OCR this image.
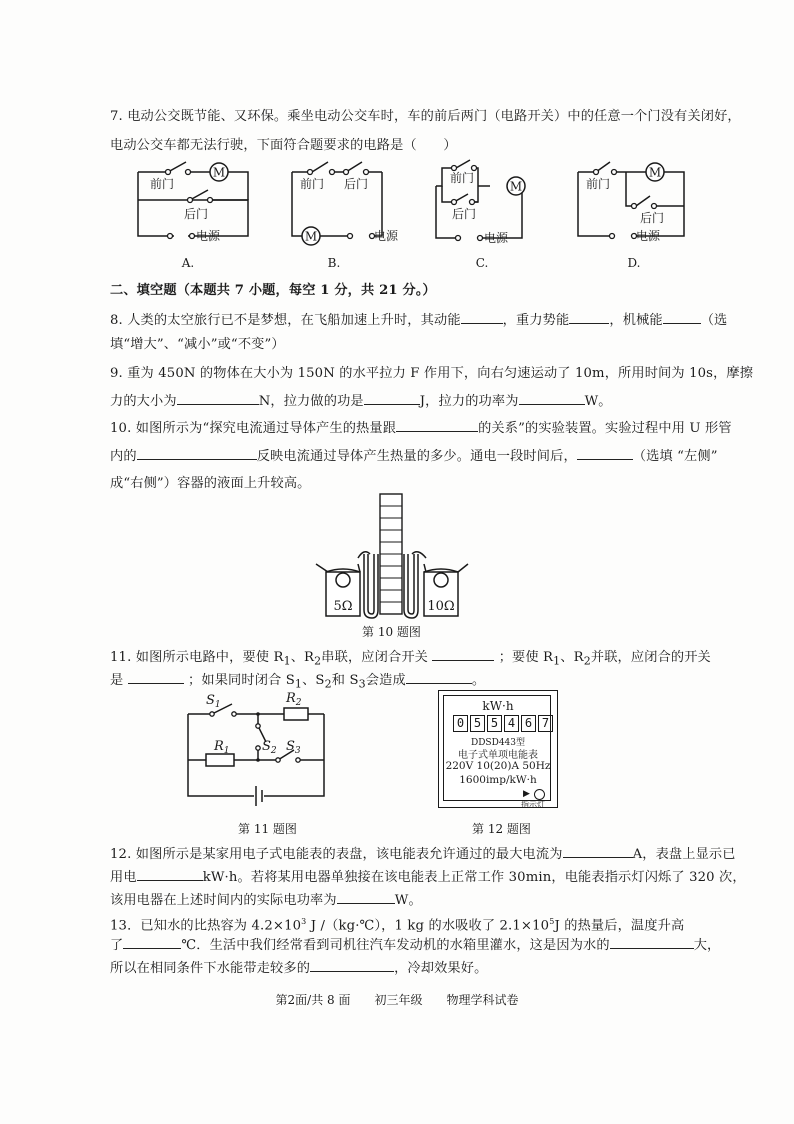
7. 电动公交既节能、又环保。乘坐电动公交车时，车的前后两门（电路开关）中的任意一个门没有关闭好，
电动公交车都无法行驶，下面符合题要求的电路是（　　）
M
前门
后门
电源
A.
M
前门 后门
电源
B.
M
前门
后门
电源
C.
M
前门
后门
电源
D.
二、填空题（本题共 7 小题，每空 1 分，共 21 分。）
8. 人类的太空旅行已不是梦想，在飞船加速上升时，其动能	，重力势能	，机械能	（选
填“增大”、“减小”或“不变”）
9. 重为 450N 的物体在大小为 150N 的水平拉力 F 作用下，向右匀速运动了 10m，所用时间为 10s，摩擦
力的大小为	N，拉力做的功是	J，拉力的功率为	W。
10. 如图所示为“探究电流通过导体产生的热量跟	的关系”的实验装置。实验过程中用 U 形管
内的	反映电流通过导体产生热量的多少。通电一段时间后，	（选填 “左侧”
成“右侧”）容器的液面上升较高。
5Ω	10Ω
第 10 题图
11. 如图所示电路中，要使 $R_1$、$R_2$串联，应闭合开关	；要使 $R_1$、$R_2$并联，应闭合的开关
是	；如果同时闭合 $S_1$、$S_2$和 $S_3$会造成	。
$S_1$	$R_2$
$R_1$ $S_2$ $S_3$
第 11 题图
kW·h
0 5 5 4 6 7
DDSD443型
电子式单项电能表
220V 10(20)A 50Hz
1600imp/kW·h
▶
指示灯
第 12 题图
12. 如图所示是某家用电子式电能表的表盘，该电能表允许通过的最大电流为	A，表盘上显示已
用电	kW·h。若将某用电器单独接在该电能表上正常工作 30min，电能表指示灯闪烁了 320 次，
该用电器在上述时间内的实际电功率为	W。
13．已知水的比热容为 $4.2\times 10^3$ J /（kg·℃），1 kg 的水吸收了 $2.1\times 10^5J$ 的热量后，温度升高
了	℃．生活中我们经常看到司机往汽车发动机的水箱里灌水，这是因为水的	大，
所以在相同条件下水能带走较多的	，冷却效果好。
第2面/共 8 面　　初三年级　　物理学科试卷
